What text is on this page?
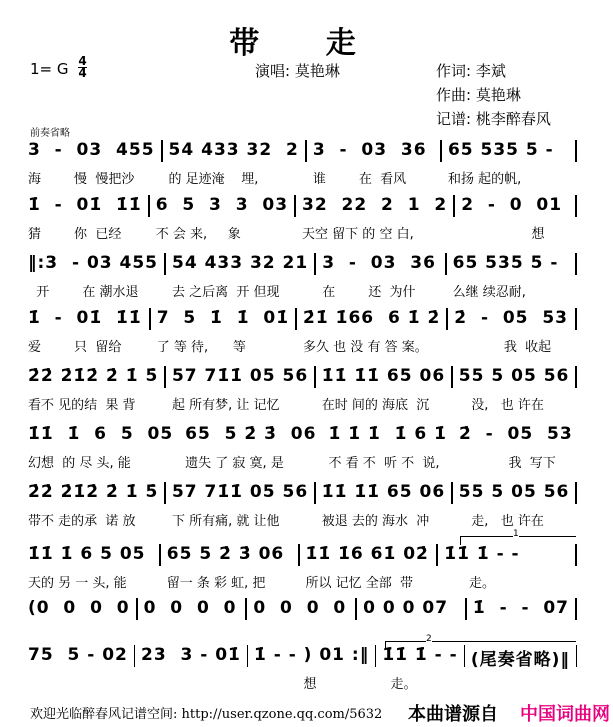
带 走
1= G 4
4	演唱: 莫艳琳	作词: 李斌
作曲: 莫艳琳
记谱: 桃李醉春风
前奏省略
3  -  03  455
海        慢  慢把沙
54 433 32  2
的 足迹淹    埋,
3  -  03  36
谁        在  看风
65 535 5 -
和扬 起的帆,
1̇  -  01̇  1̇1̇
猜        你  已经
6  5  3  3  03
不 会 来,     象
32  22  2  1  2
天空 留下 的 空 白,
2  -  0  01
想
‖:3  - 03 455
开        在 潮水退
54 433 32 21
去 之后离  开 但现
3  -  03  36
在        还  为什
65 535 5 -
么继 续忍耐,
1̇  -  01̇  1̇1̇
爱        只  留给
7  5  1̇  1̇  01̇
了 等 待,      等
2̇1̇ 1̇66  6 1̇ 2̇
多久 也 没 有 答 案。
2̇  -  05  53
我  收起
2̇2̇ 2̇1̇2̇ 2̇ 1̇ 5̇
看不 见的结  果 背
57 71̇1̇ 05 56
起 所有梦, 让 记忆
1̇1̇ 1̇1̇ 65 06
在时 间的 海底  沉
55 5 05 56
没,   也 许在
1̇1̇  1̇  6  5  05
幻想  的 尽 头, 能
65  5 2̇ 3̇  06
遗失 了 寂 寞, 是
1̇ 1̇ 1̇  1̇ 6 1̇
不 看 不  听 不  说,
2̇  -  05  53
我  写下
2̇2̇ 2̇1̇2̇ 2̇ 1̇ 5̇
带不 走的承  诺 放
57 71̇1̇ 05 56
下 所有痛, 就 让他
1̇1̇ 1̇1̇ 65 06
被退 去的 海水  冲
55 5 05 56
走,   也 许在
1̇1̇ 1̇ 6 5 05
天的 另 一 头, 能
65 5 2̇ 3̇ 06
留一 条 彩 虹, 把
1̇1̇ 1̇6 61̇ 02̇
所以 记忆 全部  带
1̇1̇ 1̇ - -
走。
(0  0  0  0 0  0  0  0 0  0  0  0 0 0 0 07	1̇  -  -  07
75  5 - 02 23  3 - 01̇ 1̇ - - ) 01 :‖
想
1̇1̇ 1̇ - -
走。
(尾奏省略)‖
1
2
欢迎光临醉春风记谱空间: http://user.qzone.qq.com/5632 本曲谱源自 中国词曲网
